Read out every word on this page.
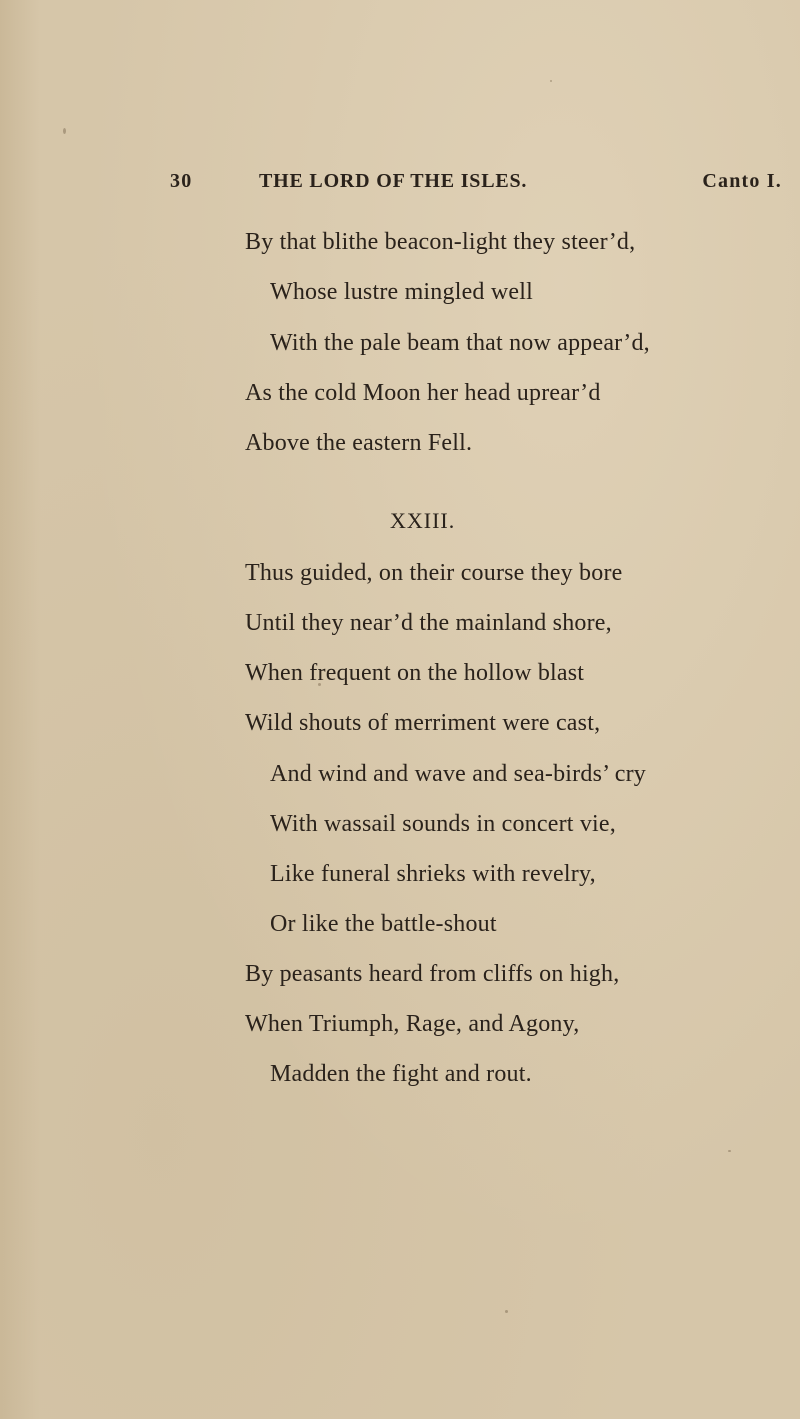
30	THE LORD OF THE ISLES.	Canto I.
By that blithe beacon-light they steer’d,
Whose lustre mingled well
With the pale beam that now appear’d,
As the cold Moon her head uprear’d
Above the eastern Fell.
XXIII.
Thus guided, on their course they bore
Until they near’d the mainland shore,
When frequent on the hollow blast
Wild shouts of merriment were cast,
And wind and wave and sea-birds’ cry
With wassail sounds in concert vie,
Like funeral shrieks with revelry,
Or like the battle-shout
By peasants heard from cliffs on high,
When Triumph, Rage, and Agony,
Madden the fight and rout.
